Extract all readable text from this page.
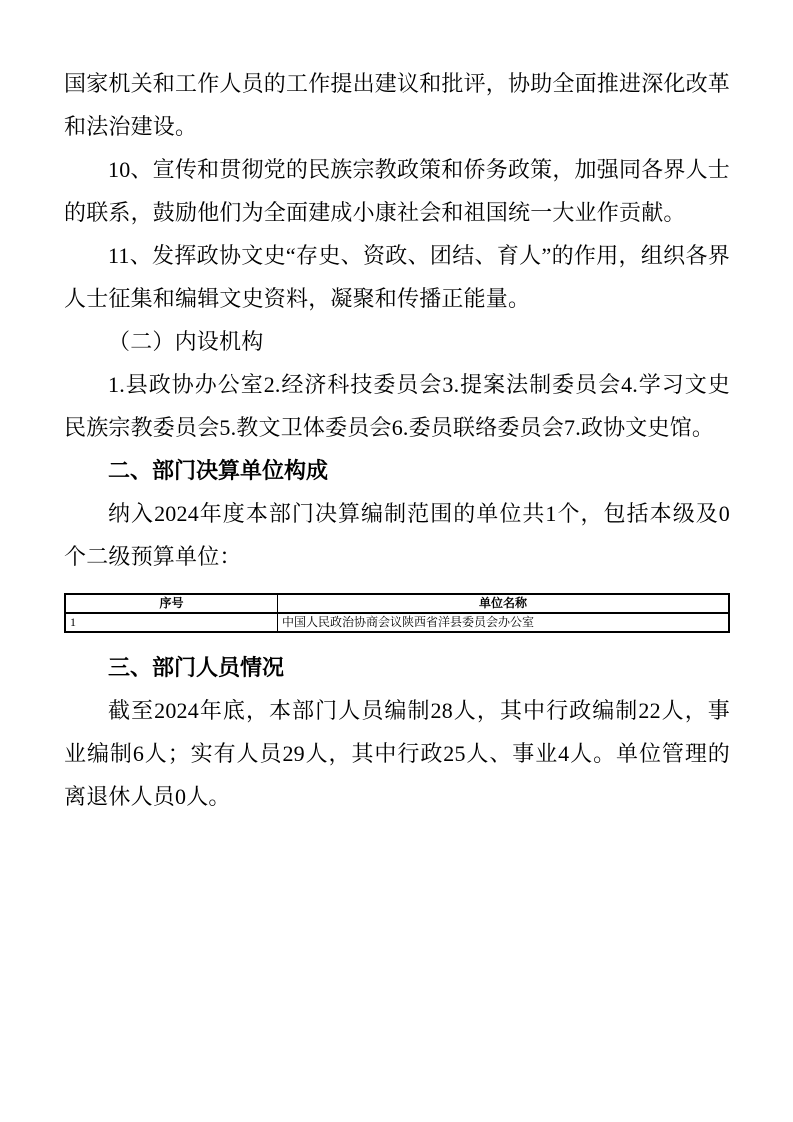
国家机关和工作人员的工作提出建议和批评，协助全面推进深化改革和法治建设。

10、宣传和贯彻党的民族宗教政策和侨务政策，加强同各界人士的联系，鼓励他们为全面建成小康社会和祖国统一大业作贡献。

11、发挥政协文史“存史、资政、团结、育人”的作用，组织各界人士征集和编辑文史资料，凝聚和传播正能量。

（二）内设机构

1.县政协办公室2.经济科技委员会3.提案法制委员会4.学习文史民族宗教委员会5.教文卫体委员会6.委员联络委员会7.政协文史馆。

二、部门决算单位构成

纳入2024年度本部门决算编制范围的单位共1个，包括本级及0个二级预算单位：

序号	单位名称
1	中国人民政治协商会议陕西省洋县委员会办公室
三、部门人员情况

截至2024年底，本部门人员编制28人，其中行政编制22人，事业编制6人；实有人员29人，其中行政25人、事业4人。单位管理的离退休人员0人。
